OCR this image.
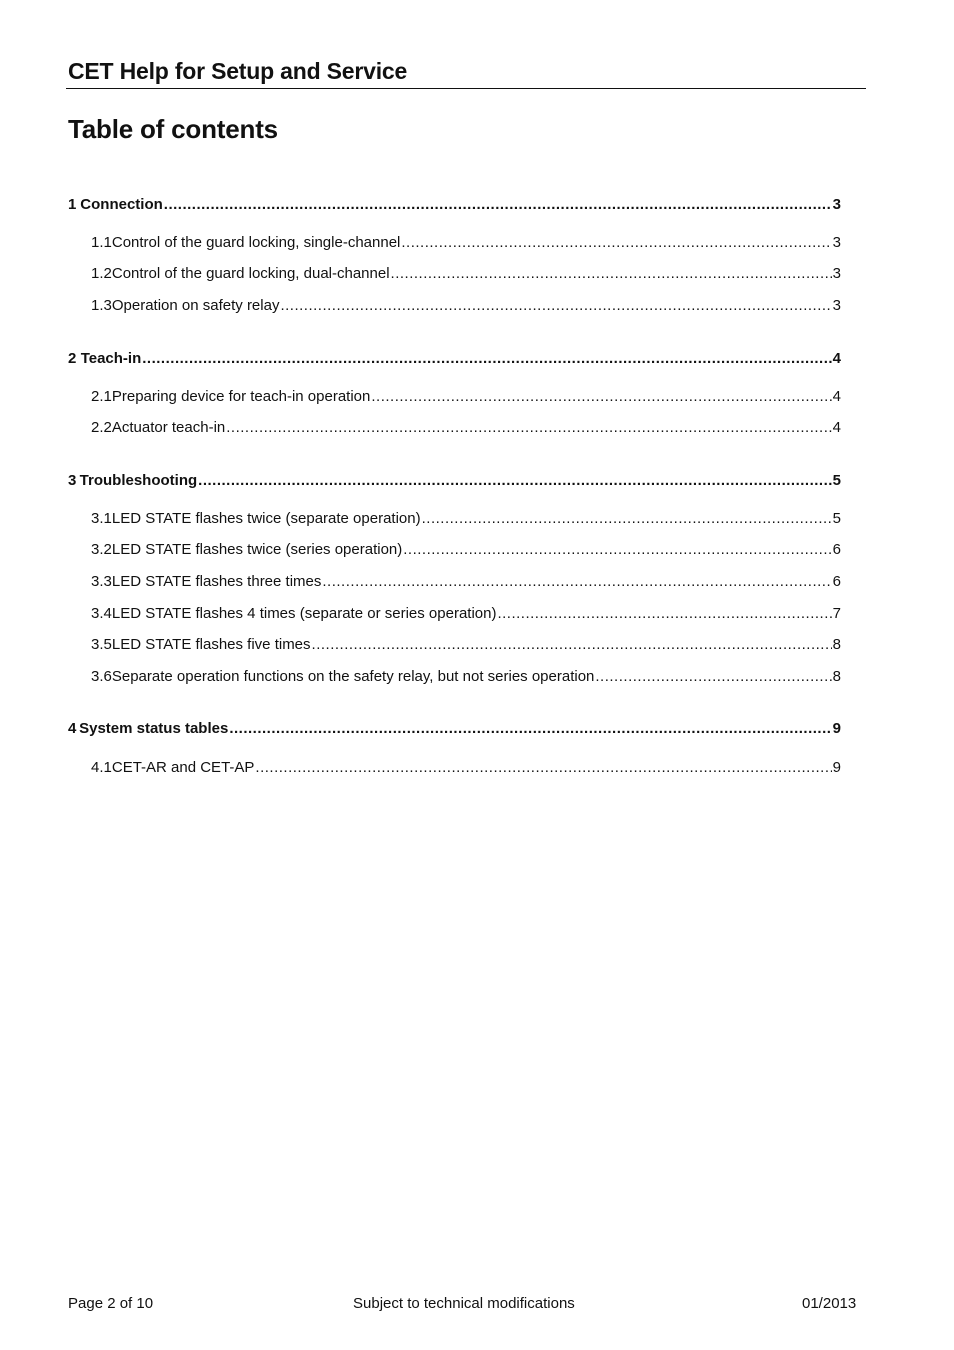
CET Help for Setup and Service
Table of contents
1 Connection .....	3
1.1 Control of the guard locking, single-channel .....	3
1.2 Control of the guard locking, dual-channel .....	3
1.3 Operation on safety relay .....	3
2 Teach-in .....	4
2.1 Preparing device for teach-in operation .....	4
2.2 Actuator teach-in .....	4
3 Troubleshooting .....	5
3.1 LED STATE flashes twice (separate operation) .....	5
3.2 LED STATE flashes twice (series operation) .....	6
3.3 LED STATE flashes three times .....	6
3.4 LED STATE flashes 4 times (separate or series operation) .....	7
3.5 LED STATE flashes five times .....	8
3.6 Separate operation functions on the safety relay, but not series operation .....	8
4 System status tables .....	9
4.1 CET-AR and CET-AP .....	9
Page 2 of 10	Subject to technical modifications	01/2013
